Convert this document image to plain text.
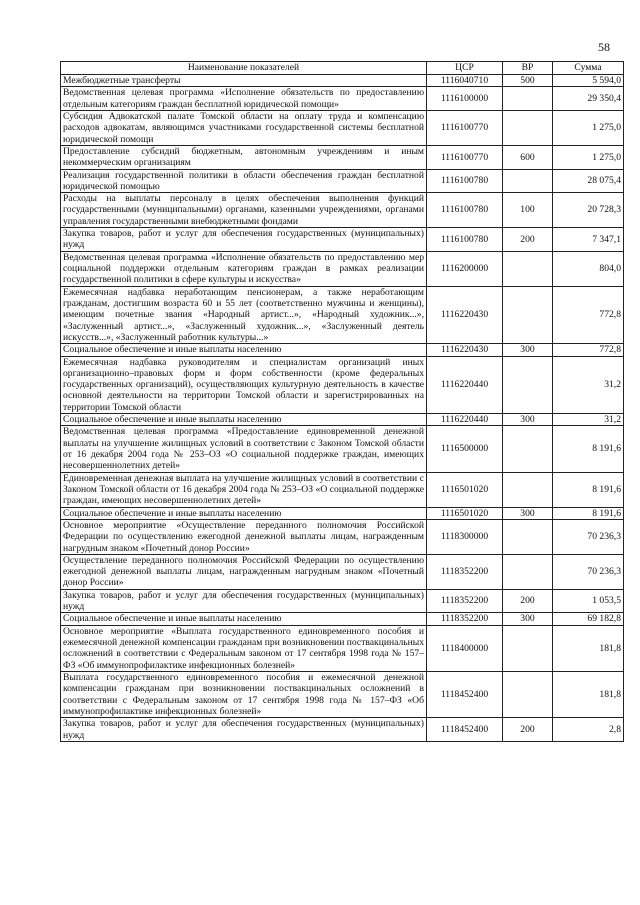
58
Наименование показателей	ЦСР	ВР	Сумма
Межбюджетные трансферты	1116040710	500	5 594,0
Ведомственная целевая программа «Исполнение обязательств по предоставлению отдельным категориям граждан бесплатной юридической помощи»	1116100000		29 350,4
Субсидия Адвокатской палате Томской области на оплату труда и компенсацию расходов адвокатам, являющимся участниками государственной системы бесплатной юридической помощи	1116100770		1 275,0
Предоставление субсидий бюджетным, автономным учреждениям и иным некоммерческим организациям	1116100770	600	1 275,0
Реализация государственной политики в области обеспечения граждан бесплатной юридической помощью	1116100780		28 075,4
Расходы на выплаты персоналу в целях обеспечения выполнения функций государственными (муниципальными) органами, казенными учреждениями, органами управления государственными внебюджетными фондами	1116100780	100	20 728,3
Закупка товаров, работ и услуг для обеспечения государственных (муниципальных) нужд	1116100780	200	7 347,1
Ведомственная целевая программа «Исполнение обязательств по предоставлению мер социальной поддержки отдельным категориям граждан в рамках реализации государственной политики в сфере культуры и искусства»	1116200000		804,0
Ежемесячная надбавка неработающим пенсионерам, а также неработающим гражданам, достигшим возраста 60 и 55 лет (соответственно мужчины и женщины), имеющим почетные звания «Народный артист...», «Народный художник...», «Заслуженный артист...», «Заслуженный художник...», «Заслуженный деятель искусств...», «Заслуженный работник культуры...»	1116220430		772,8
Социальное обеспечение и иные выплаты населению	1116220430	300	772,8
Ежемесячная надбавка руководителям и специалистам организаций иных организационно–правовых форм и форм собственности (кроме федеральных государственных организаций), осуществляющих культурную деятельность в качестве основной деятельности на территории Томской области и зарегистрированных на территории Томской области	1116220440		31,2
Социальное обеспечение и иные выплаты населению	1116220440	300	31,2
Ведомственная целевая программа «Предоставление единовременной денежной выплаты на улучшение жилищных условий в соответствии с Законом Томской области от 16 декабря 2004 года № 253–ОЗ «О социальной поддержке граждан, имеющих несовершеннолетних детей»	1116500000		8 191,6
Единовременная денежная выплата на улучшение жилищных условий в соответствии с Законом Томской области от 16 декабря 2004 года № 253–ОЗ «О социальной поддержке граждан, имеющих несовершеннолетних детей»	1116501020		8 191,6
Социальное обеспечение и иные выплаты населению	1116501020	300	8 191,6
Основное мероприятие «Осуществление переданного полномочия Российской Федерации по осуществлению ежегодной денежной выплаты лицам, награжденным нагрудным знаком «Почетный донор России»	1118300000		70 236,3
Осуществление переданного полномочия Российской Федерации по осуществлению ежегодной денежной выплаты лицам, награжденным нагрудным знаком «Почетный донор России»	1118352200		70 236,3
Закупка товаров, работ и услуг для обеспечения государственных (муниципальных) нужд	1118352200	200	1 053,5
Социальное обеспечение и иные выплаты населению	1118352200	300	69 182,8
Основное мероприятие «Выплата государственного единовременного пособия и ежемесячной денежной компенсации гражданам при возникновении поствакцинальных осложнений в соответствии с Федеральным законом от 17 сентября 1998 года № 157–ФЗ «Об иммунопрофилактике инфекционных болезней»	1118400000		181,8
Выплата государственного единовременного пособия и ежемесячной денежной компенсации гражданам при возникновении поствакцинальных осложнений в соответствии с Федеральным законом от 17 сентября 1998 года № 157–ФЗ «Об иммунопрофилактике инфекционных болезней»	1118452400		181,8
Закупка товаров, работ и услуг для обеспечения государственных (муниципальных) нужд	1118452400	200	2,8
